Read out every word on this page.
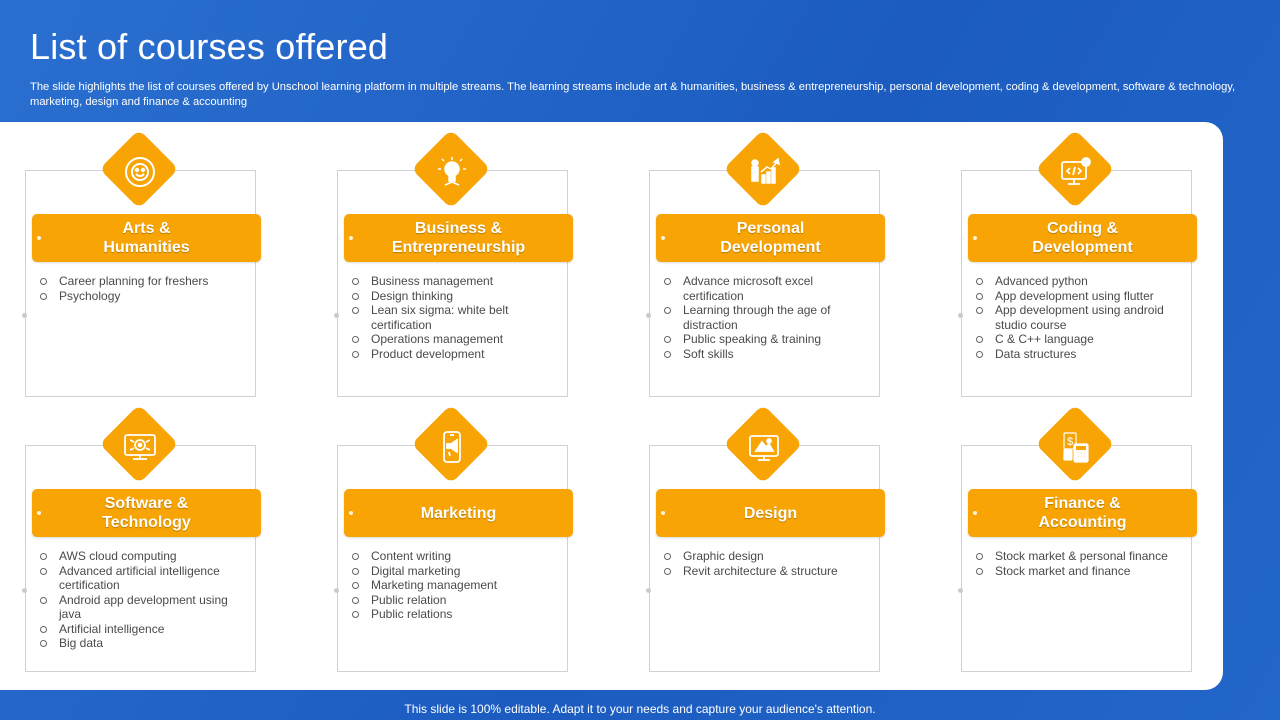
List of courses offered
The slide highlights the list of courses offered by Unschool learning platform in multiple streams. The learning streams include art & humanities, business & entrepreneurship, personal development, coding & development, software & technology, marketing, design and finance & accounting
Arts &
Humanities
Career planning for freshers
Psychology
Business &
Entrepreneurship
Business management
Design thinking
Lean six sigma: white belt certification
Operations management
Product development
Personal
Development
Advance microsoft excel certification
Learning through the age of distraction
Public speaking & training
Soft skills
Coding &
Development
Advanced python
App development using flutter
App development using android studio course
C & C++ language
Data structures
Software &
Technology
AWS cloud computing
Advanced artificial intelligence certification
Android app development using java
Artificial intelligence
Big data
Marketing
Content writing
Digital marketing
Marketing management
Public relation
Public relations
Design
Graphic design
Revit architecture & structure
$
Finance &
Accounting
Stock market & personal finance
Stock market and finance
This slide is 100% editable. Adapt it to your needs and capture your audience's attention.
